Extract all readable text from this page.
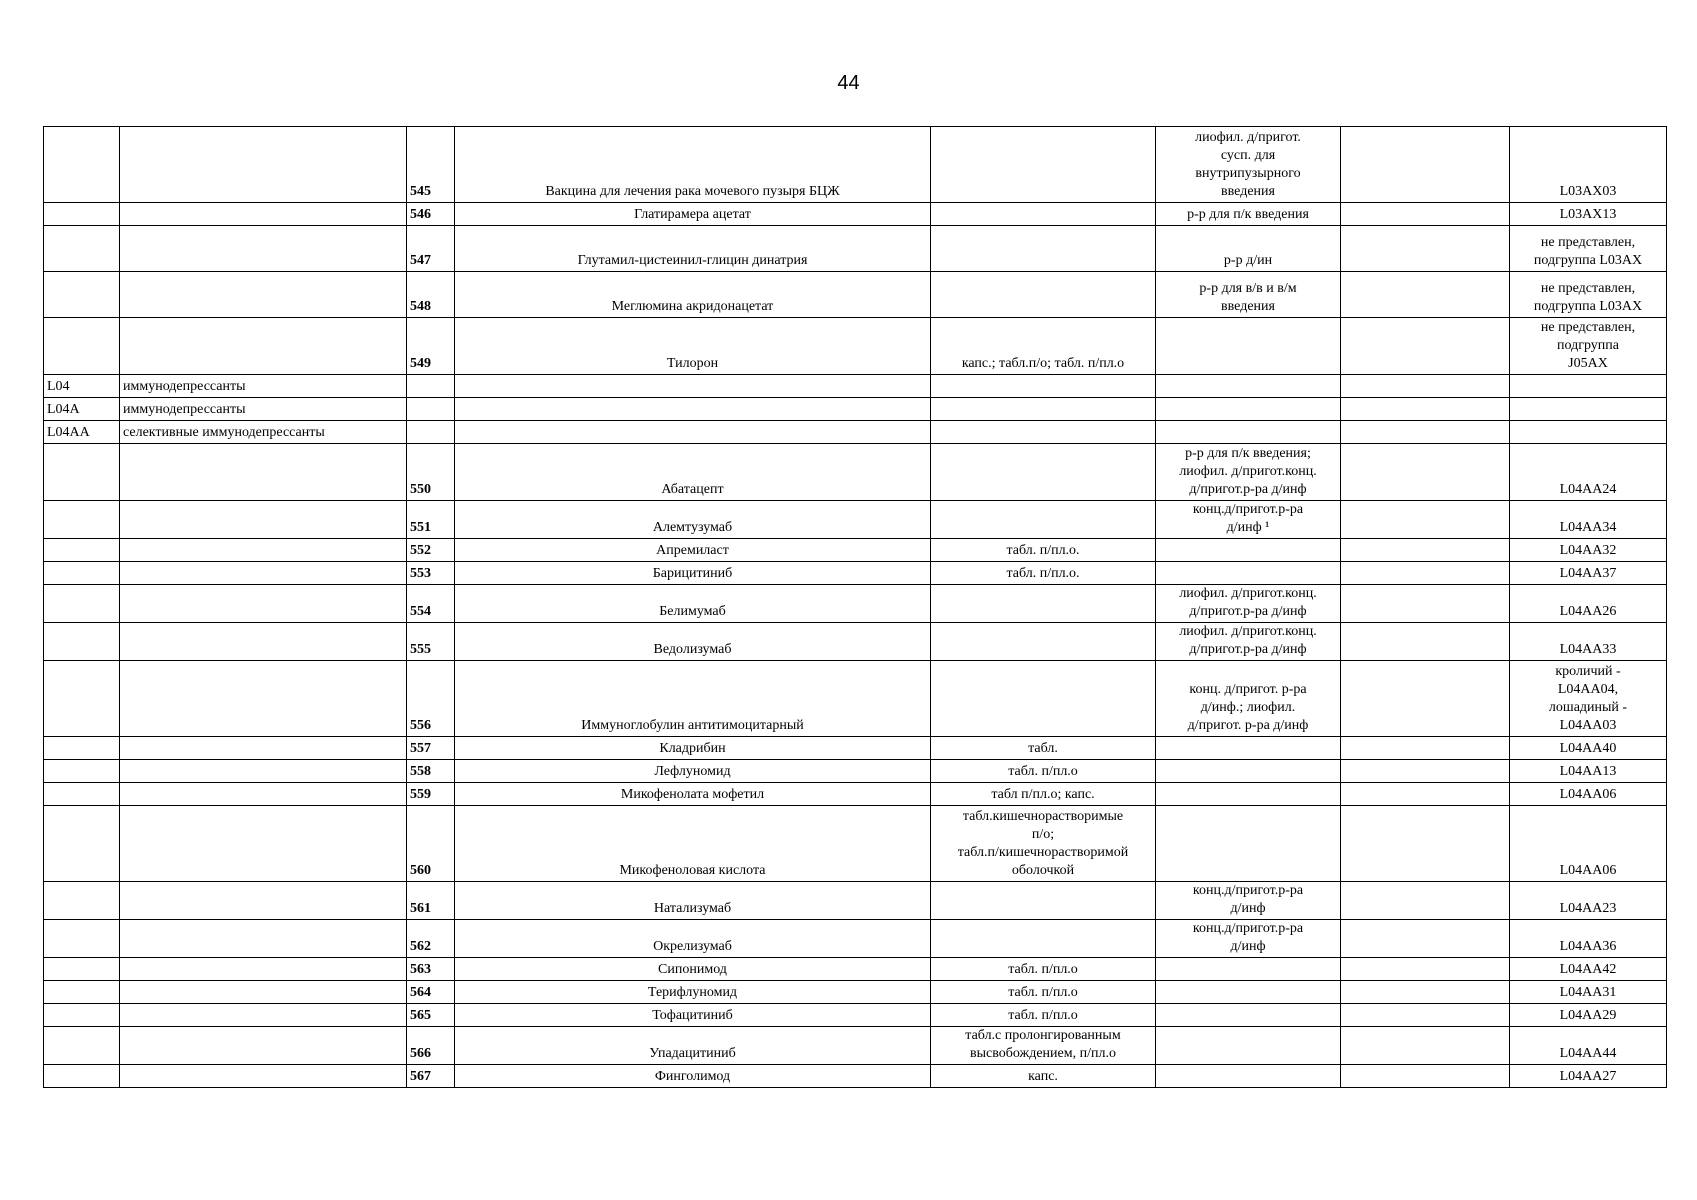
44
		545	Вакцина для лечения рака мочевого пузыря БЦЖ		лиофил. д/пригот.
сусп. для
внутрипузырного
введения		L03AX03
		546	Глатирамера ацетат		р-р для п/к введения		L03AX13
		547	Глутамил-цистеинил-глицин динатрия		р-р д/ин		не представлен,
подгруппа L03AX
		548	Меглюмина акридонацетат		р-р для в/в и в/м
введения		не представлен,
подгруппа L03AX
		549	Тилорон	капс.; табл.п/о; табл. п/пл.о			не представлен,
подгруппа
J05AX
L04	иммунодепрессанты						
L04A	иммунодепрессанты						
L04AA	селективные иммунодепрессанты						
		550	Абатацепт		р-р для п/к введения;
лиофил. д/пригот.конц.
д/пригот.р-ра д/инф		L04AA24
		551	Алемтузумаб		конц.д/пригот.р-ра
д/инф ¹		L04AA34
		552	Апремиласт	табл. п/пл.о.			L04AA32
		553	Барицитиниб	табл. п/пл.о.			L04AA37
		554	Белимумаб		лиофил. д/пригот.конц.
д/пригот.р-ра д/инф		L04AA26
		555	Ведолизумаб		лиофил. д/пригот.конц.
д/пригот.р-ра д/инф		L04AA33
		556	Иммуноглобулин антитимоцитарный		конц. д/пригот. р-ра
д/инф.; лиофил.
д/пригот. р-ра д/инф		кроличий -
L04AA04,
лошадиный -
L04AA03
		557	Кладрибин	табл.			L04AA40
		558	Лефлуномид	табл. п/пл.о			L04AA13
		559	Микофенолата мофетил	табл п/пл.о; капс.			L04AA06
		560	Микофеноловая кислота	табл.кишечнорастворимые
п/о;
табл.п/кишечнорастворимой
оболочкой			L04AA06
		561	Натализумаб		конц.д/пригот.р-ра
д/инф		L04AA23
		562	Окрелизумаб		конц.д/пригот.р-ра
д/инф		L04AA36
		563	Сипонимод	табл. п/пл.о			L04AA42
		564	Терифлуномид	табл. п/пл.о			L04AA31
		565	Тофацитиниб	табл. п/пл.о			L04AA29
		566	Упадацитиниб	табл.с пролонгированным
высвобождением, п/пл.о			L04AA44
		567	Финголимод	капс.			L04AA27
